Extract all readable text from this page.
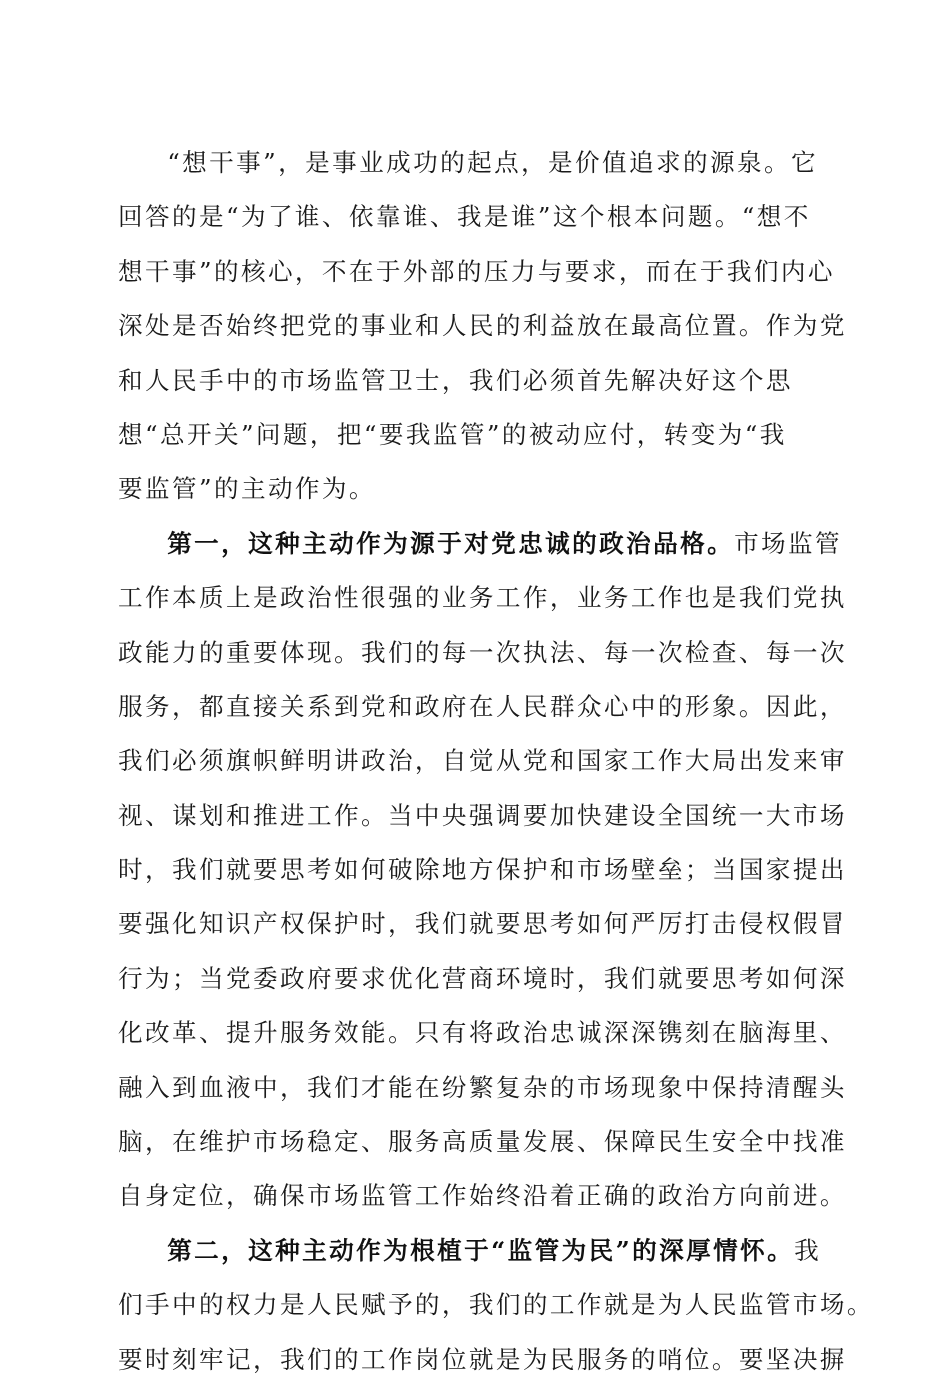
“想干事”，是事业成功的起点，是价值追求的源泉。它
回答的是“为了谁、依靠谁、我是谁”这个根本问题。“想不
想干事”的核心，不在于外部的压力与要求，而在于我们内心
深处是否始终把党的事业和人民的利益放在最高位置。作为党
和人民手中的市场监管卫士，我们必须首先解决好这个思
想“总开关”问题，把“要我监管”的被动应付，转变为“我
要监管”的主动作为。
第一，这种主动作为源于对党忠诚的政治品格。市场监管
工作本质上是政治性很强的业务工作，业务工作也是我们党执
政能力的重要体现。我们的每一次执法、每一次检查、每一次
服务，都直接关系到党和政府在人民群众心中的形象。因此，
我们必须旗帜鲜明讲政治，自觉从党和国家工作大局出发来审
视、谋划和推进工作。当中央强调要加快建设全国统一大市场
时，我们就要思考如何破除地方保护和市场壁垒；当国家提出
要强化知识产权保护时，我们就要思考如何严厉打击侵权假冒
行为；当党委政府要求优化营商环境时，我们就要思考如何深
化改革、提升服务效能。只有将政治忠诚深深镌刻在脑海里、
融入到血液中，我们才能在纷繁复杂的市场现象中保持清醒头
脑，在维护市场稳定、服务高质量发展、保障民生安全中找准
自身定位，确保市场监管工作始终沿着正确的政治方向前进。
第二，这种主动作为根植于“监管为民”的深厚情怀。我
们手中的权力是人民赋予的，我们的工作就是为人民监管市场。
要时刻牢记，我们的工作岗位就是为民服务的哨位。要坚决摒
